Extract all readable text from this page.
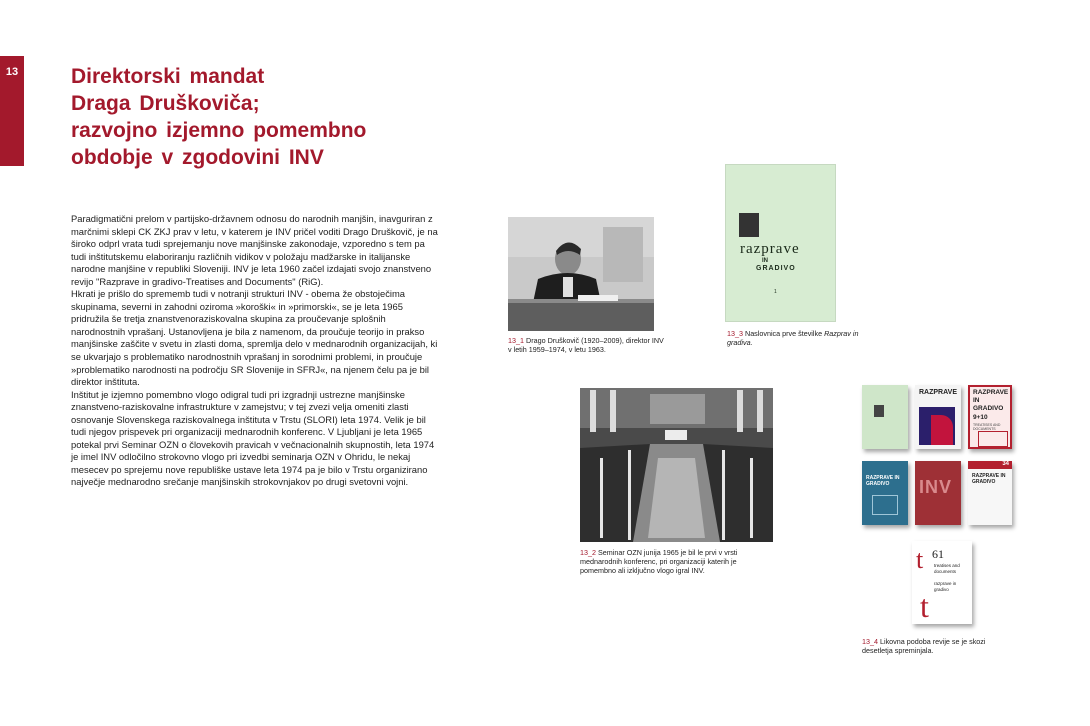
13	Direktorski mandat
Draga Druškoviča;
razvojno izjemno pomembno
obdobje v zgodovini INV

Paradigmatični prelom v partijsko-državnem odnosu do narodnih manjšin, inavguriran z marčnimi sklepi CK ZKJ prav v letu, v katerem je INV pričel voditi Drago Druškovič, je na široko odprl vrata tudi sprejemanju nove manjšinske zakonodaje, vzporedno s tem pa tudi inštitutskemu elaboriranju različnih vidikov v položaju madžarske in italijanske narodne manjšine v republiki Sloveniji. INV je leta 1960 začel izdajati svojo znanstveno revijo "Razprave in gradivo-Treatises and Documents" (RiG).

Hkrati je prišlo do sprememb tudi v notranji strukturi INV - obema že obstoječima skupinama, severni in zahodni oziroma »koroški« in »primorski«, se je leta 1965 pridružila še tretja znanstvenoraziskovalna skupina za proučevanje splošnih narodnostnih vprašanj. Ustanovljena je bila z namenom, da proučuje teorijo in prakso manjšinske zaščite v svetu in zlasti doma, spremlja delo v mednarodnih organizacijah, ki se ukvarjajo s problematiko narodnostnih vprašanj in sorodnimi problemi, in proučuje »problematiko narodnosti na področju SR Slovenije in SFRJ«, na njenem čelu pa je bil direktor inštituta.

Inštitut je izjemno pomembno vlogo odigral tudi pri izgradnji ustrezne manjšinske znanstveno-raziskovalne infrastrukture v zamejstvu; v tej zvezi velja omeniti zlasti osnovanje Slovenskega raziskovalnega inštituta v Trstu (SLORI) leta 1974. Velik je bil tudi njegov prispevek pri organizaciji mednarodnih konferenc. V Ljubljani je leta 1965 potekal prvi Seminar OZN o človekovih pravicah v večnacionalnih skupnostih, leta 1974 je imel INV odločilno strokovno vlogo pri izvedbi seminarja OZN v Ohridu, le nekaj mesecev po sprejemu nove republiške ustave leta 1974 pa je bilo v Trstu organizirano največje mednarodno srečanje manjšinskih strokovnjakov po drugi svetovni vojni.

13_1 Drago Druškovič (1920–2009), direktor INV v letih 1959–1974, v letu 1963.
razprave
IN
GRADIVO
1
13_3 Naslovnica prve številke Razprav in gradiva.
13_2 Seminar OZN junija 1965 je bil le prvi v vrsti mednarodnih konferenc, pri organizaciji katerih je pomembno ali izključno vlogo igral INV.
RAZPRAVE RAZPRAVE
IN
GRADIVO
9+10
TREATISES AND DOCUMENTS
RAZPRAVE IN GRADIVO	INV
34
RAZPRAVE IN GRADIVO
t 61
treatises and
documents
razprave in
gradivo
t
13_4 Likovna podoba revije se je skozi desetletja spreminjala.
